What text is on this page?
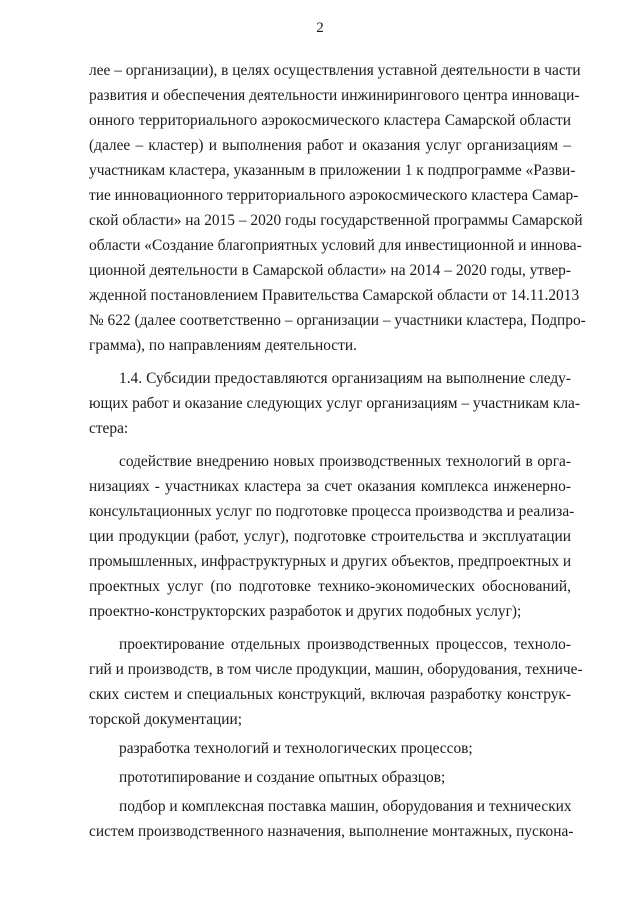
2
лее – организации), в целях осуществления уставной деятельности в части
развития и обеспечения деятельности инжинирингового центра инноваци-
онного территориального аэрокосмического кластера Самарской области
(далее – кластер) и выполнения работ и оказания услуг организациям –
участникам кластера, указанным в приложении 1 к подпрограмме «Разви-
тие инновационного территориального аэрокосмического кластера Самар-
ской области» на 2015 – 2020 годы государственной программы Самарской
области «Создание благоприятных условий для инвестиционной и иннова-
ционной деятельности в Самарской области» на 2014 – 2020 годы, утвер-
жденной постановлением Правительства Самарской области от 14.11.2013
№ 622 (далее соответственно – организации – участники кластера, Подпро-
грамма), по направлениям деятельности.
1.4. Субсидии предоставляются организациям на выполнение следу-
ющих работ и оказание следующих услуг организациям – участникам кла-
стера:
содействие внедрению новых производственных технологий в орга-
низациях - участниках кластера за счет оказания комплекса инженерно-
консультационных услуг по подготовке процесса производства и реализа-
ции продукции (работ, услуг), подготовке строительства и эксплуатации
промышленных, инфраструктурных и других объектов, предпроектных и
проектных услуг (по подготовке технико-экономических обоснований,
проектно-конструкторских разработок и других подобных услуг);
проектирование отдельных производственных процессов, техноло-
гий и производств, в том числе продукции, машин, оборудования, техниче-
ских систем и специальных конструкций, включая разработку конструк-
торской документации;
разработка технологий и технологических процессов;
прототипирование и создание опытных образцов;
подбор и комплексная поставка машин, оборудования и технических
систем производственного назначения, выполнение монтажных, пускона-
